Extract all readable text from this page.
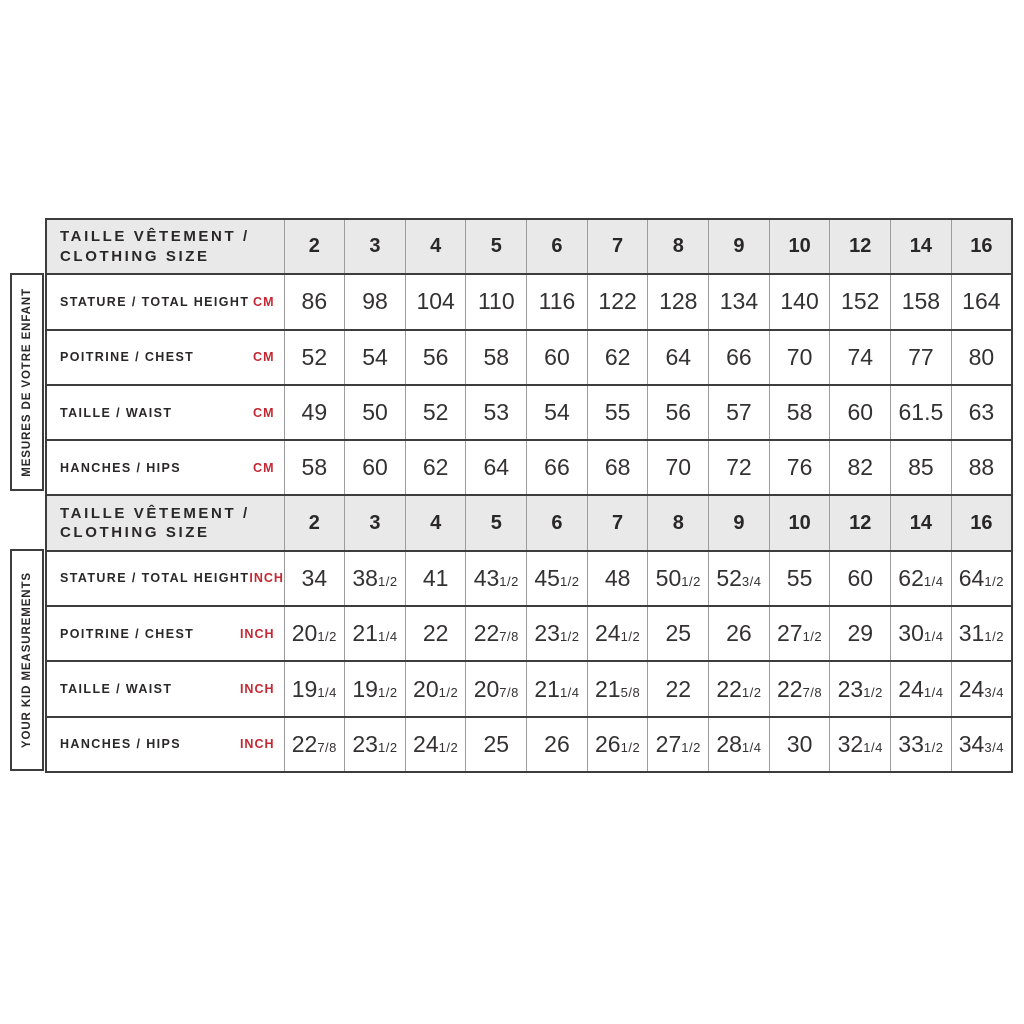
MESURES DE VOTRE ENFANT
YOUR KID MEASUREMENTS
TAILLE VÊTEMENT /
CLOTHING SIZE	2	3	4	5	6	7	8	9	10	12	14	16

STATURE / TOTAL HEIGHT CM	86	98	104	110	116	122	128	134	140	152	158	164

POITRINE / CHEST CM	52	54	56	58	60	62	64	66	70	74	77	80

TAILLE / WAIST CM	49	50	52	53	54	55	56	57	58	60	61.5	63

HANCHES / HIPS CM	58	60	62	64	66	68	70	72	76	82	85	88

TAILLE VÊTEMENT /
CLOTHING SIZE	2	3	4	5	6	7	8	9	10	12	14	16

STATURE / TOTAL HEIGHT INCH	34	381/2	41	431/2	451/2	48	501/2	523/4	55	60	621/4	641/2

POITRINE / CHEST INCH	201/2	211/4	22	227/8	231/2	241/2	25	26	271/2	29	301/4	311/2

TAILLE / WAIST INCH	191/4	191/2	201/2	207/8	211/4	215/8	22	221/2	227/8	231/2	241/4	243/4

HANCHES / HIPS INCH	227/8	231/2	241/2	25	26	261/2	271/2	281/4	30	321/4	331/2	343/4
